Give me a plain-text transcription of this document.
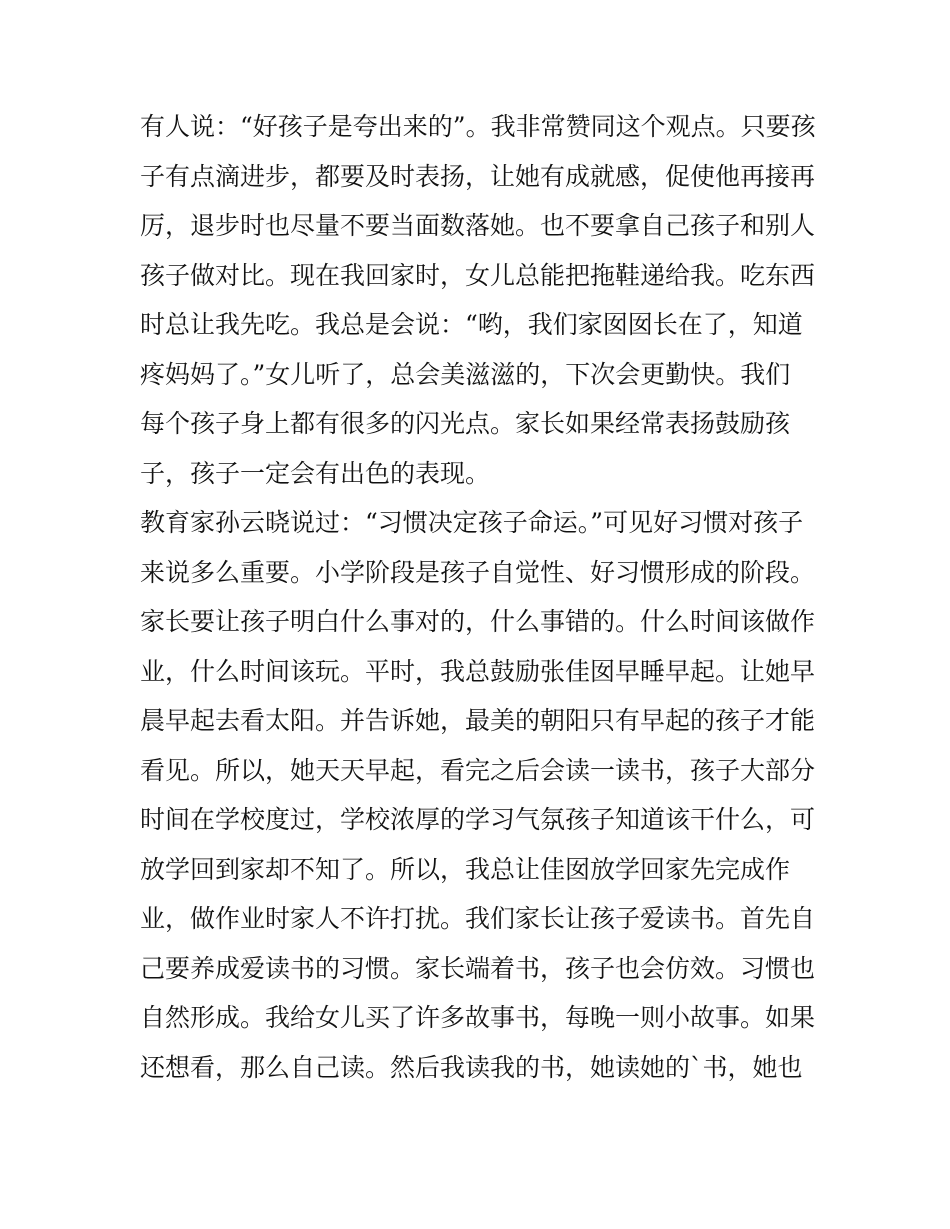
有人说：“好孩子是夸出来的”。我非常赞同这个观点。只要孩
子有点滴进步，都要及时表扬，让她有成就感，促使他再接再
厉，退步时也尽量不要当面数落她。也不要拿自己孩子和别人
孩子做对比。现在我回家时，女儿总能把拖鞋递给我。吃东西
时总让我先吃。我总是会说：“哟，我们家囡囡长在了，知道
疼妈妈了。”女儿听了，总会美滋滋的，下次会更勤快。我们
每个孩子身上都有很多的闪光点。家长如果经常表扬鼓励孩
子，孩子一定会有出色的表现。
教育家孙云晓说过：“习惯决定孩子命运。”可见好习惯对孩子
来说多么重要。小学阶段是孩子自觉性、好习惯形成的阶段。
家长要让孩子明白什么事对的，什么事错的。什么时间该做作
业，什么时间该玩。平时，我总鼓励张佳囡早睡早起。让她早
晨早起去看太阳。并告诉她，最美的朝阳只有早起的孩子才能
看见。所以，她天天早起，看完之后会读一读书，孩子大部分
时间在学校度过，学校浓厚的学习气氛孩子知道该干什么，可
放学回到家却不知了。所以，我总让佳囡放学回家先完成作
业，做作业时家人不许打扰。我们家长让孩子爱读书。首先自
己要养成爱读书的习惯。家长端着书，孩子也会仿效。习惯也
自然形成。我给女儿买了许多故事书，每晚一则小故事。如果
还想看，那么自己读。然后我读我的书，她读她的`书，她也
